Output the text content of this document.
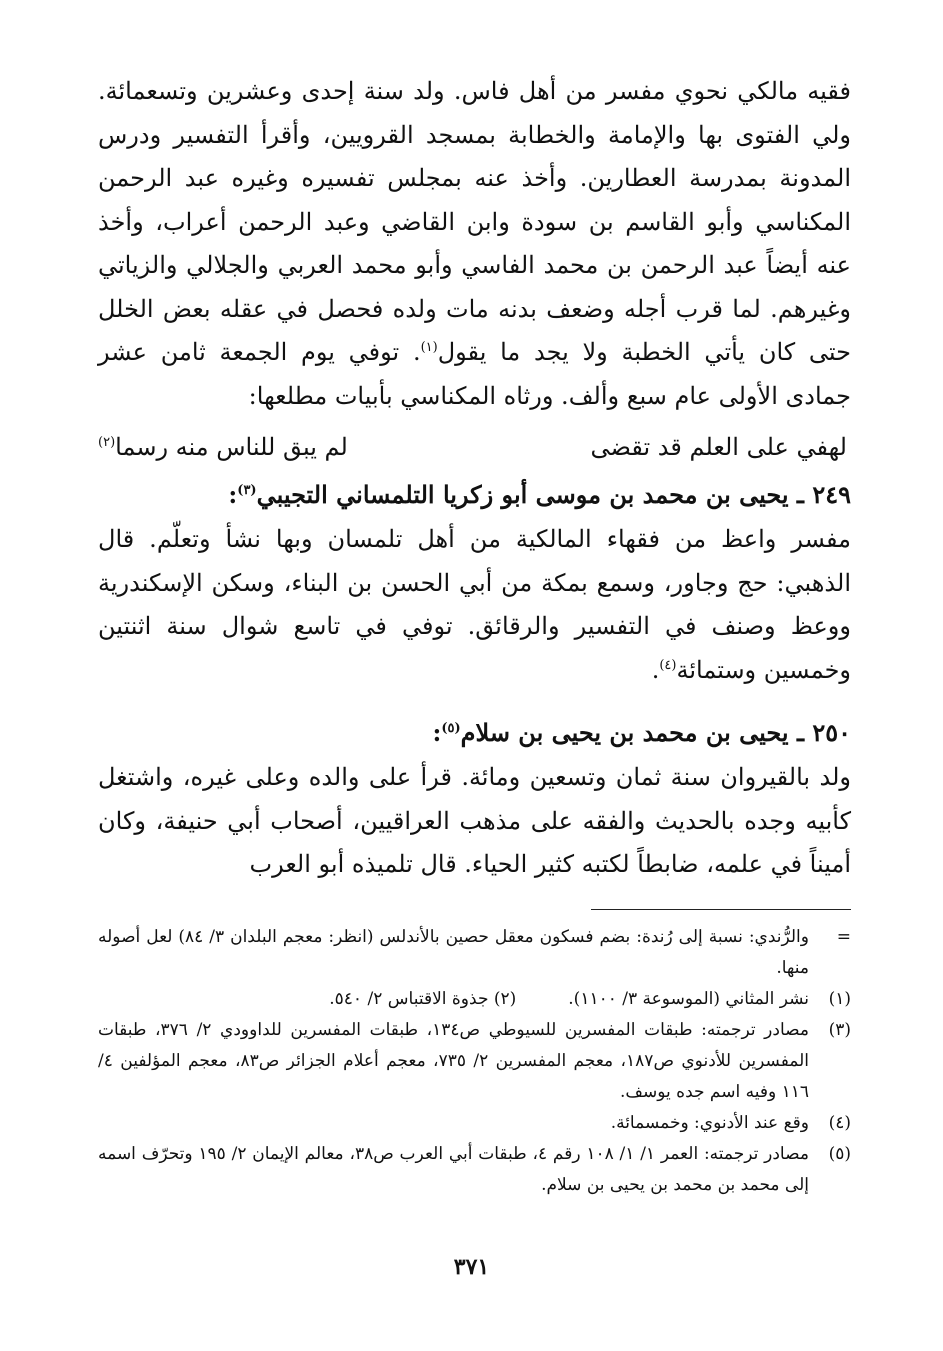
فقيه مالكي نحوي مفسر من أهل فاس. ولد سنة إحدى وعشرين وتسعمائة. ولي الفتوى بها والإمامة والخطابة بمسجد القرويين، وأقرأ التفسير ودرس المدونة بمدرسة العطارين. وأخذ عنه بمجلس تفسيره وغيره عبد الرحمن المكناسي وأبو القاسم بن سودة وابن القاضي وعبد الرحمن أعراب، وأخذ عنه أيضاً عبد الرحمن بن محمد الفاسي وأبو محمد العربي والجلالي والزياتي وغيرهم. لما قرب أجله وضعف بدنه مات ولده فحصل في عقله بعض الخلل حتى كان يأتي الخطبة ولا يجد ما يقول$^{(١)}$. توفي يوم الجمعة ثامن عشر جمادى الأولى عام سبع وألف. ورثاه المكناسي بأبيات مطلعها:

لهفي على العلم قد تقضى
لم يبق للناس منه رسما$^{(٢)}$
٢٤٩ ـ يحيى بن محمد بن موسى أبو زكريا التلمساني التجيبي$^{(٣)}$:

مفسر واعظ من فقهاء المالكية من أهل تلمسان وبها نشأ وتعلّم. قال الذهبي: حج وجاور، وسمع بمكة من أبي الحسن بن البناء، وسكن الإسكندرية ووعظ وصنف في التفسير والرقائق. توفي في تاسع شوال سنة اثنتين وخمسين وستمائة$^{(٤)}$.

٢٥٠ ـ يحيى بن محمد بن يحيى بن سلام$^{(٥)}$:

ولد بالقيروان سنة ثمان وتسعين ومائة. قرأ على والده وعلى غيره، واشتغل كأبيه وجده بالحديث والفقه على مذهب العراقيين، أصحاب أبي حنيفة، وكان أميناً في علمه، ضابطاً لكتبه كثير الحياء. قال تلميذه أبو العرب

=
والرُّندي: نسبة إلى رُندة: بضم فسكون معقل حصين بالأندلس (انظر: معجم البلدان ٣/ ٨٤) لعل أصوله منها.
(١)
نشر المثاني (الموسوعة ٣/ ١١٠٠).
(٢) جذوة الاقتباس ٢/ ٥٤٠.
(٣)
مصادر ترجمته: طبقات المفسرين للسيوطي ص١٣٤، طبقات المفسرين للداوودي ٢/ ٣٧٦، طبقات المفسرين للأدنوي ص١٨٧، معجم المفسرين ٢/ ٧٣٥، معجم أعلام الجزائر ص٨٣، معجم المؤلفين ٤/ ١١٦ وفيه اسم جده يوسف.
(٤)
وقع عند الأدنوي: وخمسمائة.
(٥)
مصادر ترجمته: العمر ١/ ١/ ١٠٨ رقم ٤، طبقات أبي العرب ص٣٨، معالم الإيمان ٢/ ١٩٥ وتحرّف اسمه إلى محمد بن محمد بن يحيى بن سلام.
٣٧١
